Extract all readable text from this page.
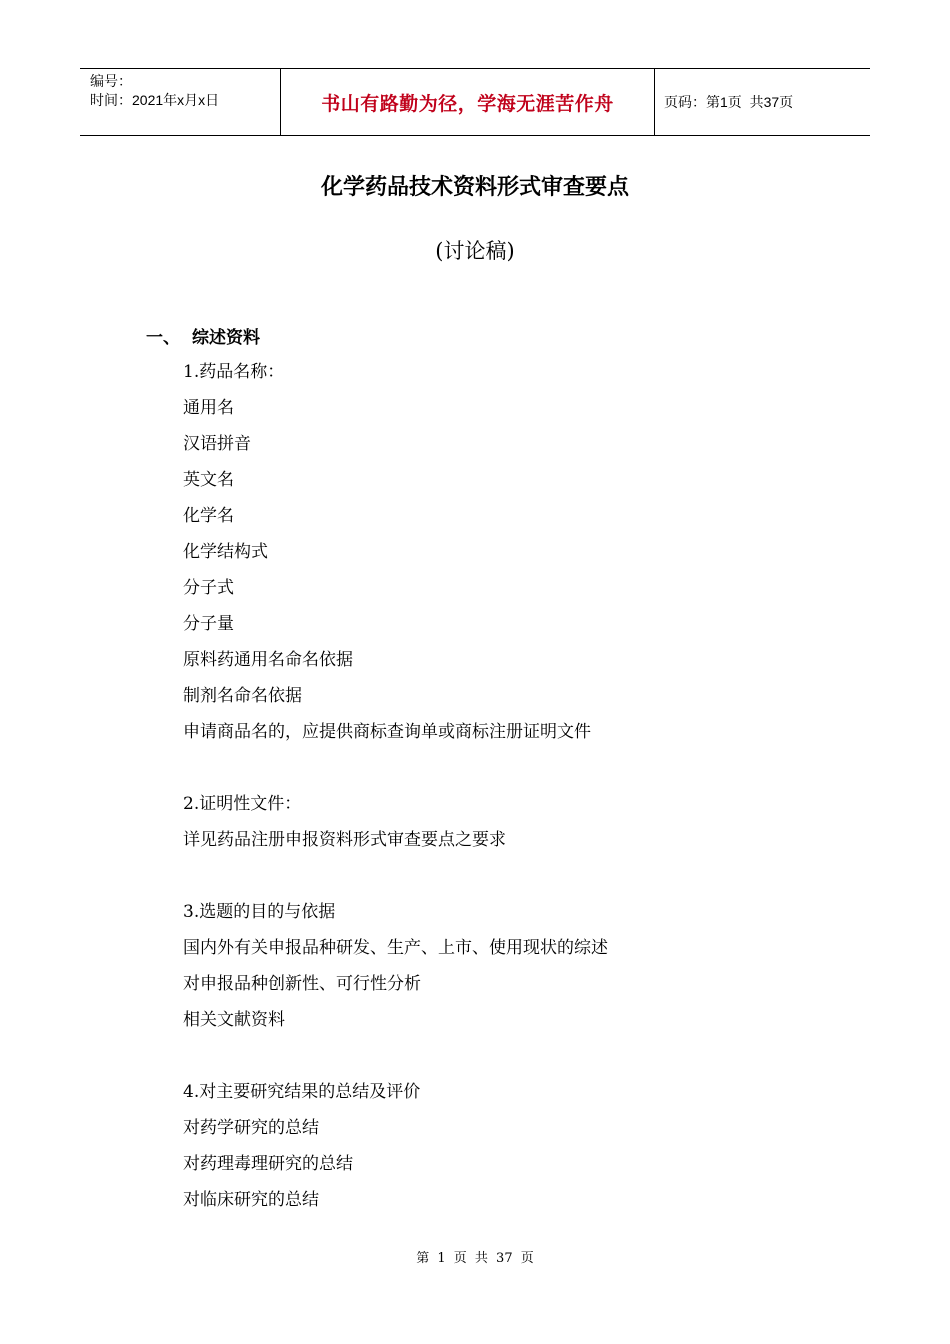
编号：
时间：2021年x月x日	书山有路勤为径，学海无涯苦作舟	页码：第1页  共37页
化学药品技术资料形式审查要点
(讨论稿)
一、 综述资料
1.药品名称：
通用名
汉语拼音
英文名
化学名
化学结构式
分子式
分子量
原料药通用名命名依据
制剂名命名依据
申请商品名的，应提供商标查询单或商标注册证明文件
2.证明性文件：
详见药品注册申报资料形式审查要点之要求
3.选题的目的与依据
国内外有关申报品种研发、生产、上市、使用现状的综述
对申报品种创新性、可行性分析
相关文献资料
4.对主要研究结果的总结及评价
对药学研究的总结
对药理毒理研究的总结
对临床研究的总结
第 1 页 共 37 页
